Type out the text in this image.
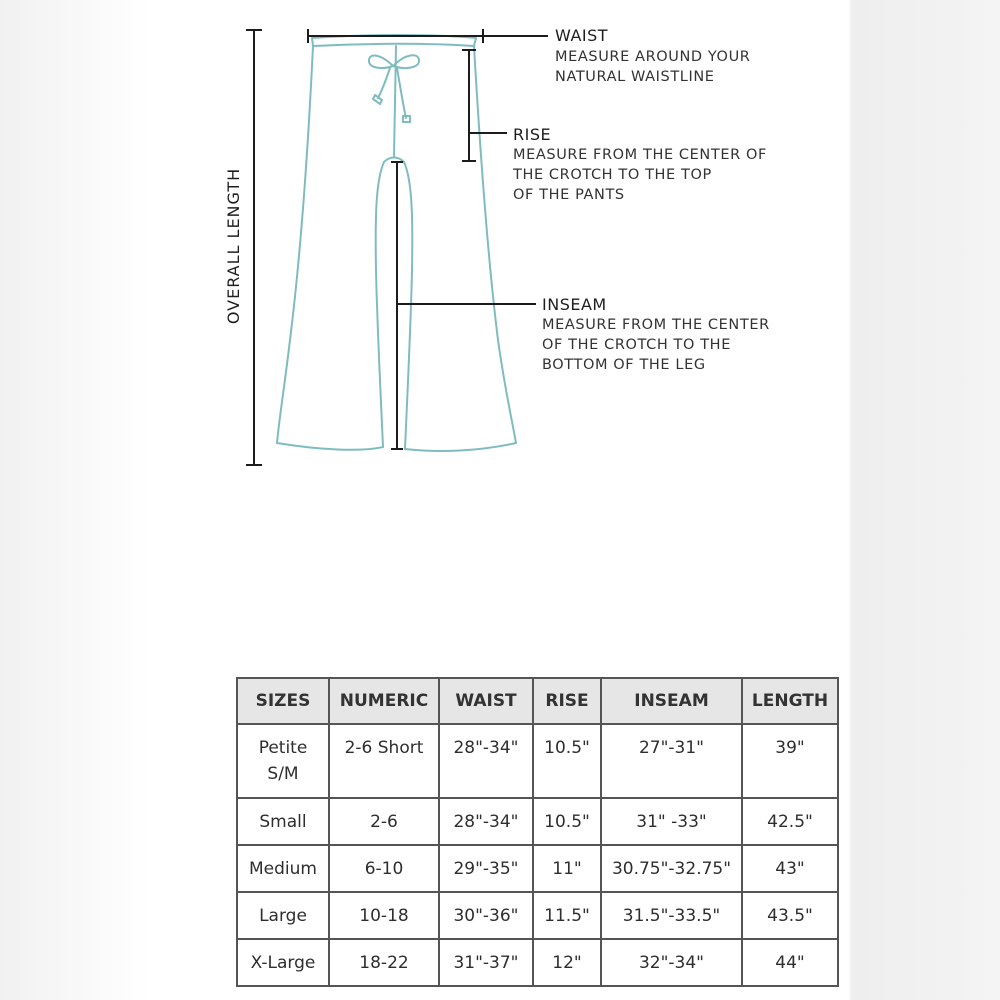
OVERALL LENGTH
WAIST
MEASURE AROUND YOUR
NATURAL WAISTLINE
RISE
MEASURE FROM THE CENTER OF
THE CROTCH TO THE TOP
OF THE PANTS
INSEAM
MEASURE FROM THE CENTER
OF THE CROTCH TO THE
BOTTOM OF THE LEG
SIZES	NUMERIC	WAIST	RISE	INSEAM	LENGTH
Petite
S/M	2-6 Short	28"-34"	10.5"	27"-31"	39"
Small	2-6	28"-34"	10.5"	31" -33"	42.5"
Medium	6-10	29"-35"	11"	30.75"-32.75"	43"
Large	10-18	30"-36"	11.5"	31.5"-33.5"	43.5"
X-Large	18-22	31"-37"	12"	32"-34"	44"
